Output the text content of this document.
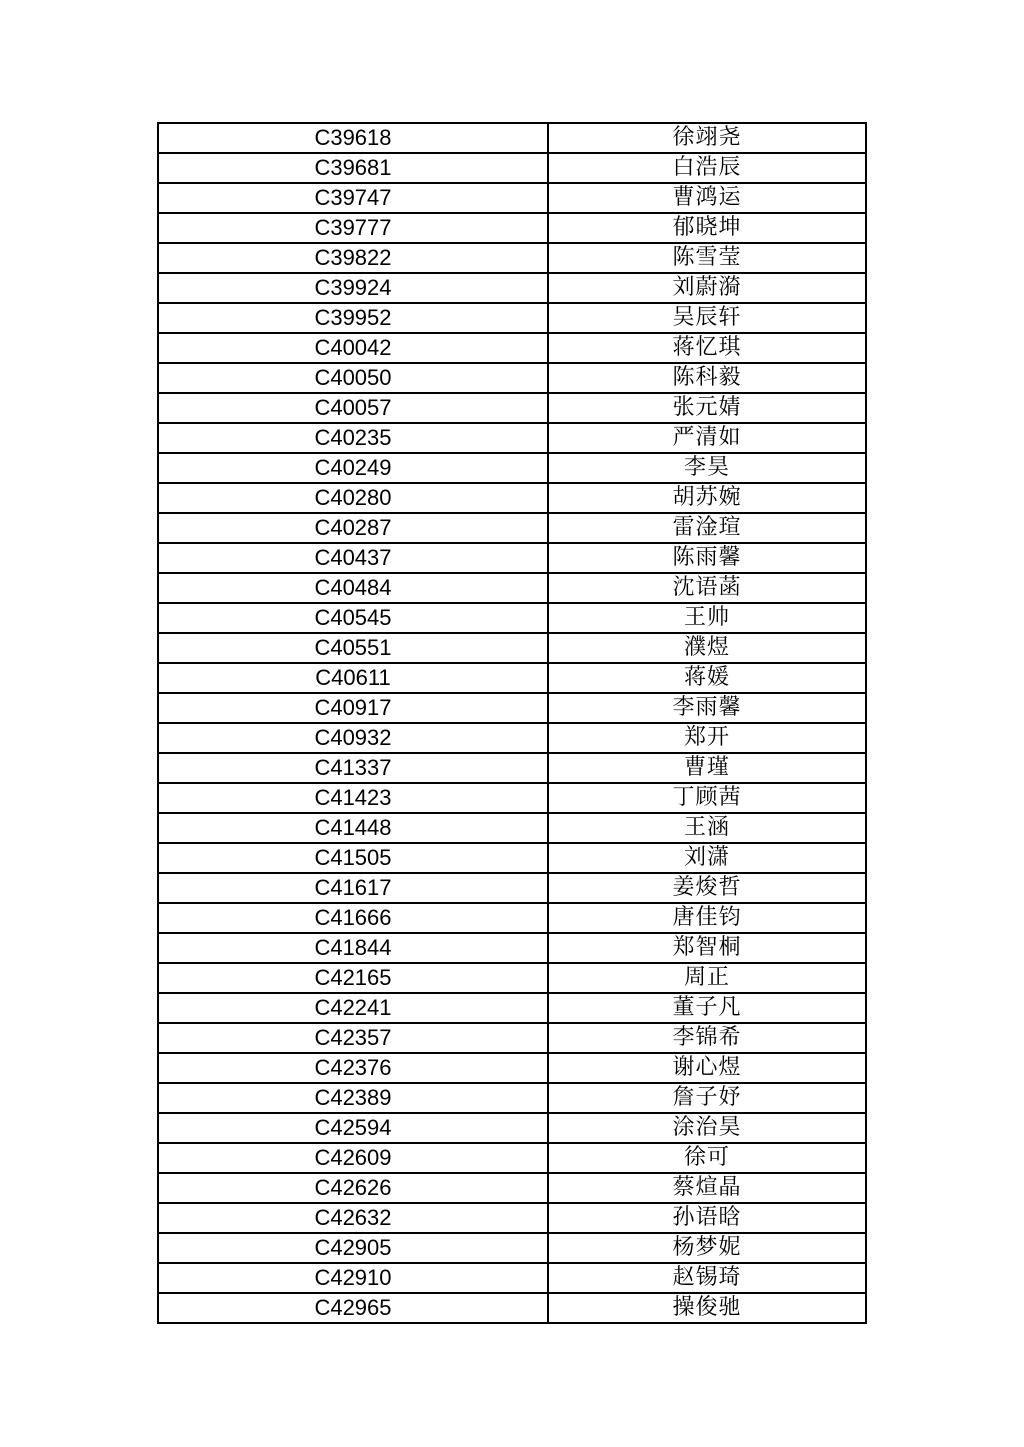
C39618	徐翊尧
C39681	白浩辰
C39747	曹鸿运
C39777	郁晓坤
C39822	陈雪莹
C39924	刘蔚漪
C39952	吴辰轩
C40042	蒋忆琪
C40050	陈科毅
C40057	张元婧
C40235	严清如
C40249	李昊
C40280	胡苏婉
C40287	雷淦瑄
C40437	陈雨馨
C40484	沈语菡
C40545	王帅
C40551	濮煜
C40611	蒋媛
C40917	李雨馨
C40932	郑开
C41337	曹瑾
C41423	丁顾茜
C41448	王涵
C41505	刘潇
C41617	姜焌哲
C41666	唐佳钧
C41844	郑智桐
C42165	周正
C42241	董子凡
C42357	李锦希
C42376	谢心煜
C42389	詹子妤
C42594	涂治昊
C42609	徐可
C42626	蔡煊晶
C42632	孙语晗
C42905	杨梦妮
C42910	赵锡琦
C42965	操俊驰
